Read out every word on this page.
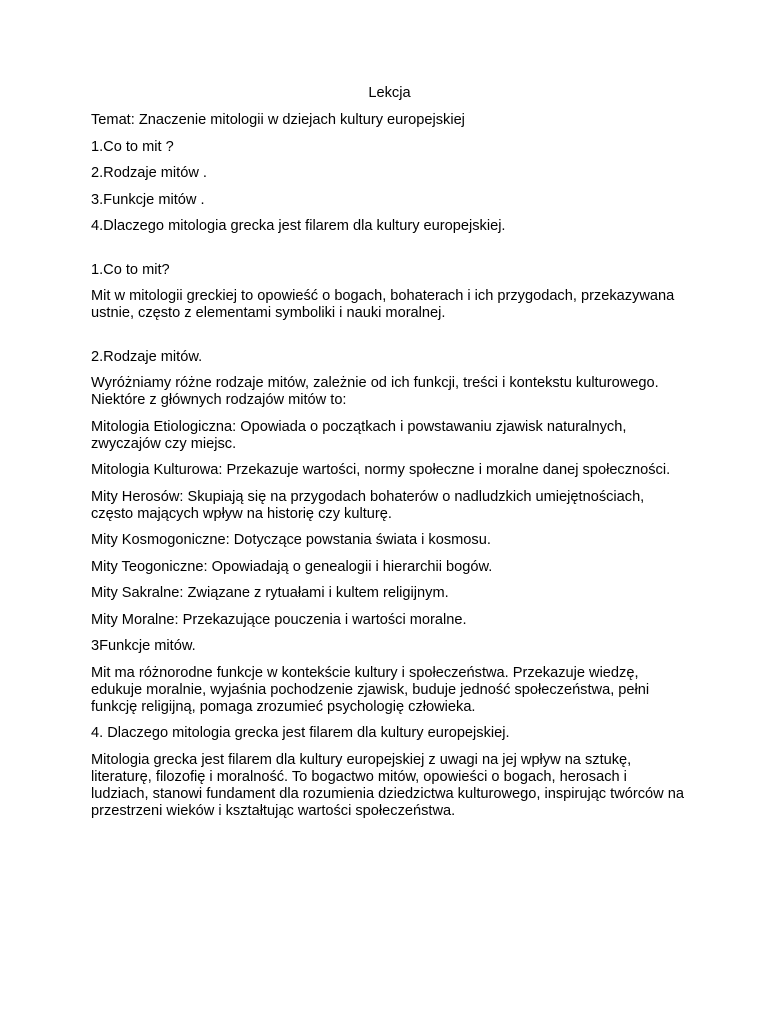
Lekcja

Temat: Znaczenie mitologii w dziejach kultury europejskiej

1.Co to mit ?

2.Rodzaje mitów .

3.Funkcje mitów .

4.Dlaczego mitologia grecka jest filarem dla kultury europejskiej.

1.Co to mit?

Mit w mitologii greckiej to opowieść o bogach, bohaterach i ich przygodach, przekazywana ustnie, często z elementami symboliki i nauki moralnej.

2.Rodzaje mitów.

Wyróżniamy różne rodzaje mitów, zależnie od ich funkcji, treści i kontekstu kulturowego. Niektóre z głównych rodzajów mitów to:

Mitologia Etiologiczna: Opowiada o początkach i powstawaniu zjawisk naturalnych, zwyczajów czy miejsc.

Mitologia Kulturowa: Przekazuje wartości, normy społeczne i moralne danej społeczności.

Mity Herosów: Skupiają się na przygodach bohaterów o nadludzkich umiejętnościach, często mających wpływ na historię czy kulturę.

Mity Kosmogoniczne: Dotyczące powstania świata i kosmosu.

Mity Teogoniczne: Opowiadają o genealogii i hierarchii bogów.

Mity Sakralne: Związane z rytuałami i kultem religijnym.

Mity Moralne: Przekazujące pouczenia i wartości moralne.

3Funkcje mitów.

Mit ma różnorodne funkcje w kontekście kultury i społeczeństwa. Przekazuje wiedzę, edukuje moralnie, wyjaśnia pochodzenie zjawisk, buduje jedność społeczeństwa, pełni funkcję religijną, pomaga zrozumieć psychologię człowieka.

4. Dlaczego mitologia grecka jest filarem dla kultury europejskiej.

Mitologia grecka jest filarem dla kultury europejskiej z uwagi na jej wpływ na sztukę, literaturę, filozofię i moralność. To bogactwo mitów, opowieści o bogach, herosach i ludziach, stanowi fundament dla rozumienia dziedzictwa kulturowego, inspirując twórców na przestrzeni wieków i kształtując wartości społeczeństwa.
